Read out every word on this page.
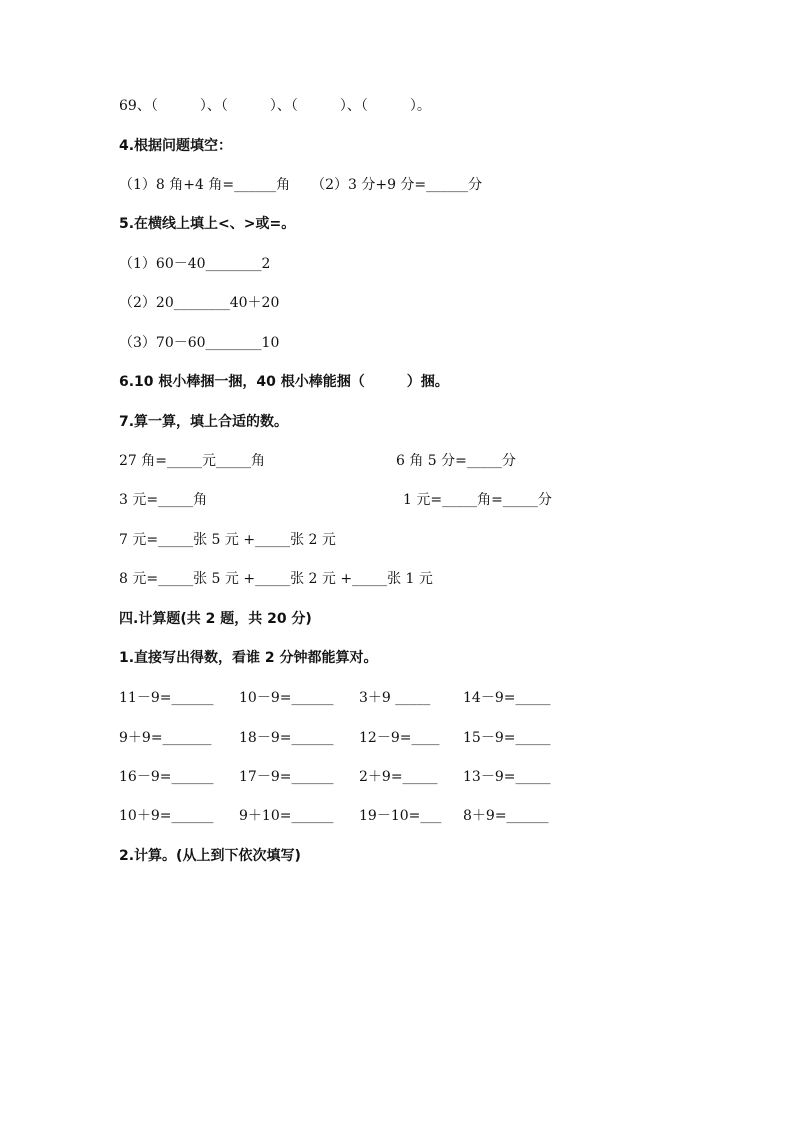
69、（　　　）、（　　　）、（　　　）、（　　　）。
4.根据问题填空：
（1）8 角+4 角=______角　　（2）3 分+9 分=______分
5.在横线上填上<、>或=。
（1）60－40________2
（2）20________40＋20
（3）70－60________10
6.10 根小棒捆一捆，40 根小棒能捆（　　　）捆。
7.算一算，填上合适的数。
27 角=_____元_____角	6 角 5 分=_____分
3 元=_____角	1 元=_____角=_____分
7 元=_____张 5 元 +_____张 2 元
8 元=_____张 5 元 +_____张 2 元 +_____张 1 元
四.计算题(共 2 题，共 20 分)
1.直接写出得数，看谁 2 分钟都能算对。
11－9=______ 10－9=______ 3＋9 _____ 14－9=_____
9＋9=_______ 18－9=______ 12－9=____ 15－9=_____
16－9=______ 17－9=______ 2＋9=_____ 13－9=_____
10＋9=______ 9＋10=______ 19－10=___ 8＋9=______
2.计算。(从上到下依次填写)
